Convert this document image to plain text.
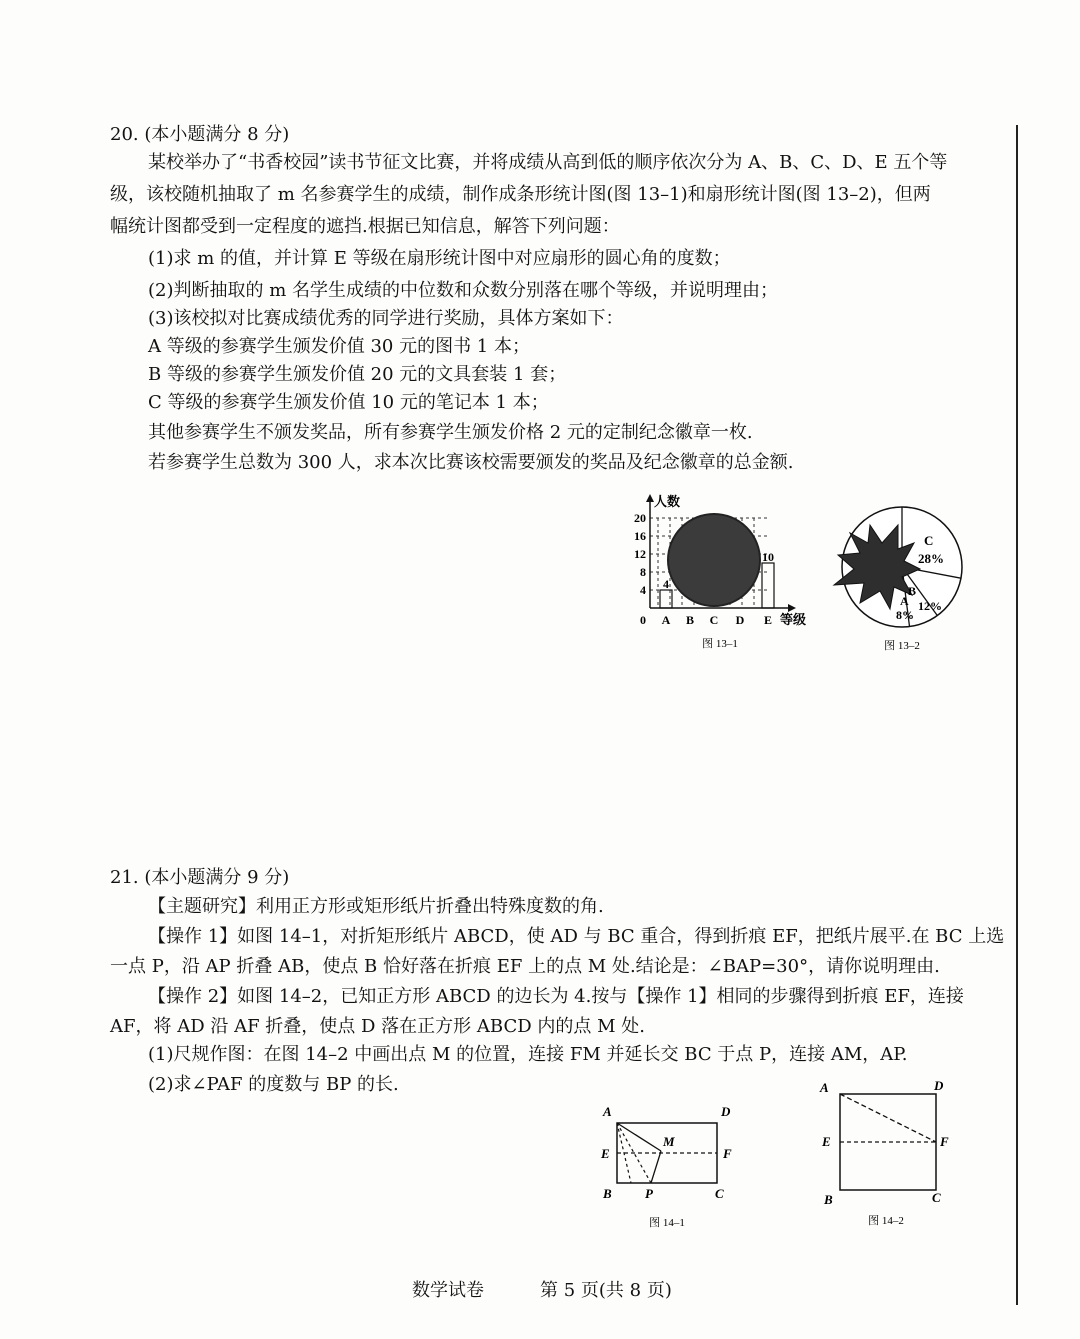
20. (本小题满分 8 分)
某校举办了“书香校园”读书节征文比赛，并将成绩从高到低的顺序依次分为 A、B、C、D、E 五个等
级，该校随机抽取了 m 名参赛学生的成绩，制作成条形统计图(图 13–1)和扇形统计图(图 13–2)，但两
幅统计图都受到一定程度的遮挡.根据已知信息，解答下列问题：
(1)求 m 的值，并计算 E 等级在扇形统计图中对应扇形的圆心角的度数；
(2)判断抽取的 m 名学生成绩的中位数和众数分别落在哪个等级，并说明理由；
(3)该校拟对比赛成绩优秀的同学进行奖励，具体方案如下：
A 等级的参赛学生颁发价值 30 元的图书 1 本；
B 等级的参赛学生颁发价值 20 元的文具套装 1 套；
C 等级的参赛学生颁发价值 10 元的笔记本 1 本；
其他参赛学生不颁发奖品，所有参赛学生颁发价格 2 元的定制纪念徽章一枚.
若参赛学生总数为 300 人，求本次比赛该校需要颁发的奖品及纪念徽章的总金额.
人数
20
16
12
8
4
0
4
10
A B C D E 等级
图 13–1
C
28%
B
12%
A
8%
图 13–2
21. (本小题满分 9 分)
【主题研究】利用正方形或矩形纸片折叠出特殊度数的角.
【操作 1】如图 14–1，对折矩形纸片 ABCD，使 AD 与 BC 重合，得到折痕 EF，把纸片展平.在 BC 上选
一点 P，沿 AP 折叠 AB，使点 B 恰好落在折痕 EF 上的点 M 处.结论是：∠BAP=30°，请你说明理由.
【操作 2】如图 14–2，已知正方形 ABCD 的边长为 4.按与【操作 1】相同的步骤得到折痕 EF，连接
AF，将 AD 沿 AF 折叠，使点 D 落在正方形 ABCD 内的点 M 处.
(1)尺规作图：在图 14–2 中画出点 M 的位置，连接 FM 并延长交 BC 于点 P，连接 AM，AP.
(2)求∠PAF 的度数与 BP 的长.
A	D
E	F
B	P	C
M
图 14–1
A	D
E	F
B	C
图 14–2
数学试卷	第 5 页(共 8 页)
